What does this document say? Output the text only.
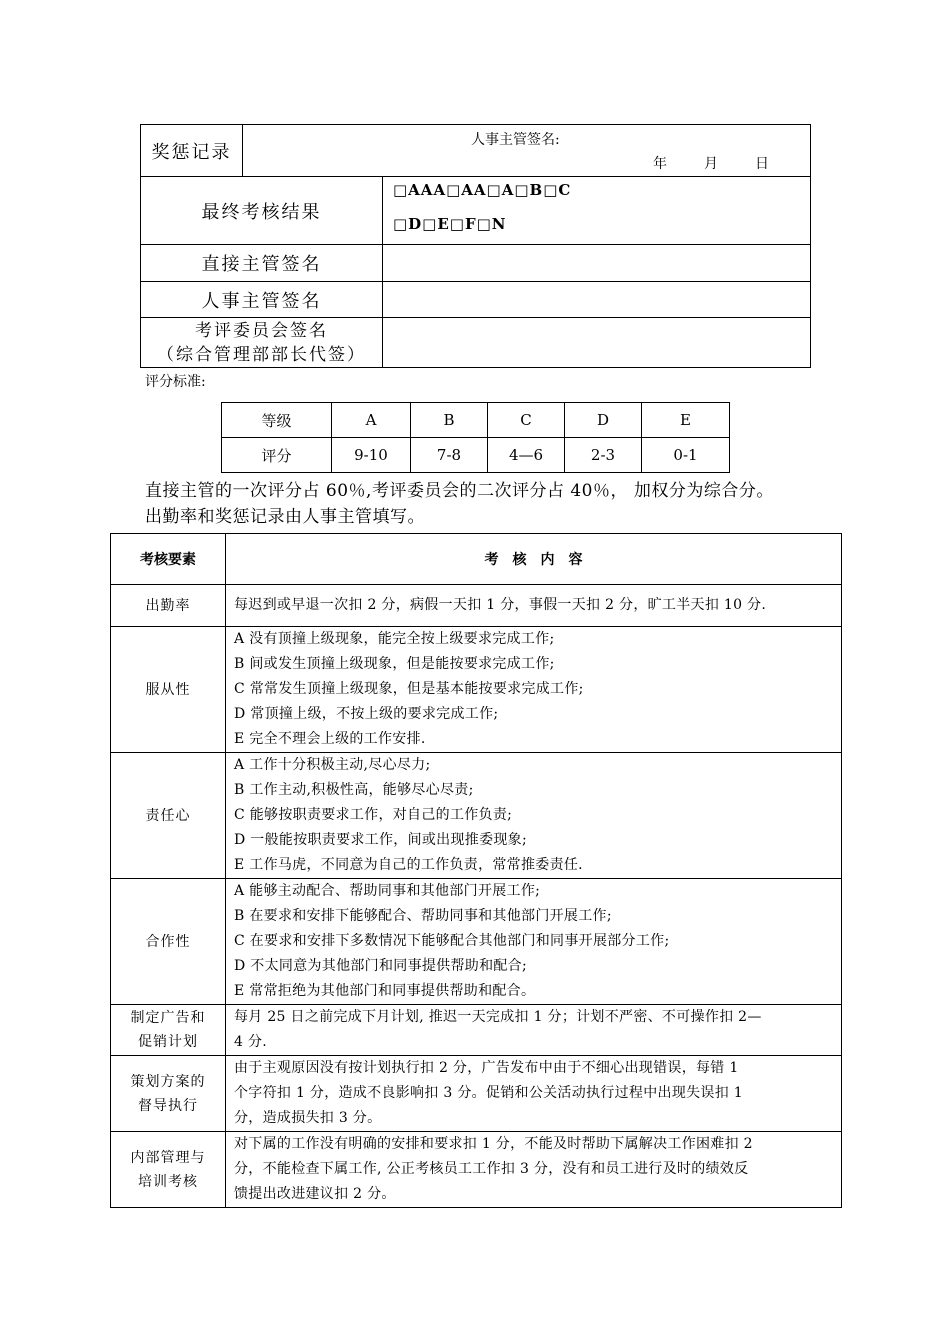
奖惩记录	人事主管签名:
年 月 日	

最终考核结果		□AAA□AA□A□B□C
□D□E□F□N

直接主管签名		
人事主管签名		

考评委员会签名
（综合管理部部长代签）		

评分标准:
等级	A	B	C	D	E
评分	9-10	7-8	4—6	2-3	0-1
直接主管的一次评分占 60％,考评委员会的二次评分占 40％， 加权分为综合分。
出勤率和奖惩记录由人事主管填写。
考核要素	考　核　内　容
出勤率	每迟到或早退一次扣 2 分，病假一天扣 1 分，事假一天扣 2 分，旷工半天扣 10 分.

服从性	A 没有顶撞上级现象，能完全按上级要求完成工作;
B 间或发生顶撞上级现象，但是能按要求完成工作;
C 常常发生顶撞上级现象，但是基本能按要求完成工作;
D 常顶撞上级，不按上级的要求完成工作;
E 完全不理会上级的工作安排.

责任心	A 工作十分积极主动,尽心尽力;
B 工作主动,积极性高，能够尽心尽责;
C 能够按职责要求工作，对自己的工作负责;
D 一般能按职责要求工作，间或出现推委现象;
E 工作马虎，不同意为自己的工作负责，常常推委责任.

合作性	A 能够主动配合、帮助同事和其他部门开展工作;
B 在要求和安排下能够配合、帮助同事和其他部门开展工作;
C 在要求和安排下多数情况下能够配合其他部门和同事开展部分工作;
D 不太同意为其他部门和同事提供帮助和配合;
E 常常拒绝为其他部门和同事提供帮助和配合。

制定广告和
促销计划	每月 25 日之前完成下月计划, 推迟一天完成扣 1 分；计划不严密、不可操作扣 2—
4 分.

策划方案的
督导执行	由于主观原因没有按计划执行扣 2 分，广告发布中由于不细心出现错误，每错 1
个字符扣 1 分，造成不良影响扣 3 分。促销和公关活动执行过程中出现失误扣 1
分，造成损失扣 3 分。

内部管理与
培训考核	对下属的工作没有明确的安排和要求扣 1 分，不能及时帮助下属解决工作困难扣 2
分，不能检查下属工作, 公正考核员工工作扣 3 分，没有和员工进行及时的绩效反
馈提出改进建议扣 2 分。
